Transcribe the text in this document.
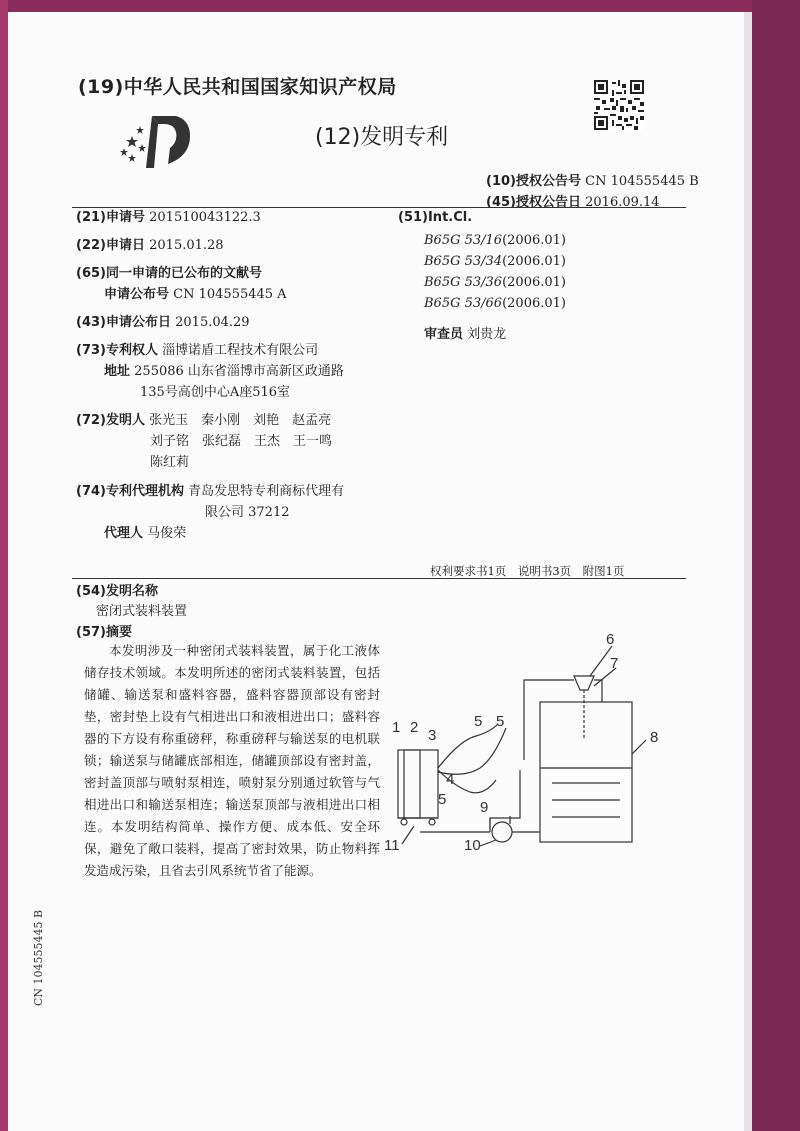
(19)中华人民共和国国家知识产权局
(12)发明专利
(10)授权公告号 CN 104555445 B
(45)授权公告日 2016.09.14
(21)申请号 201510043122.3
(22)申请日 2015.01.28
(65)同一申请的已公布的文献号
申请公布号 CN 104555445 A
(43)申请公布日 2015.04.29
(73)专利权人 淄博诺盾工程技术有限公司
地址 255086 山东省淄博市高新区政通路
135号高创中心A座516室
(72)发明人 张光玉　秦小刚　刘艳　赵孟亮
刘子铭　张纪磊　王杰　王一鸣
陈红莉
(74)专利代理机构 青岛发思特专利商标代理有
限公司 37212
代理人 马俊荣
(51)Int.Cl.
B65G 53/16(2006.01)
B65G 53/34(2006.01)
B65G 53/36(2006.01)
B65G 53/66(2006.01)
审查员 刘贵龙
权利要求书1页　说明书3页　附图1页
(54)发明名称
密闭式装料装置
(57)摘要

本发明涉及一种密闭式装料装置，属于化工液体储存技术领域。本发明所述的密闭式装料装置，包括储罐、输送泵和盛料容器，盛料容器顶部设有密封垫，密封垫上设有气相进出口和液相进出口；盛料容器的下方设有称重磅秤，称重磅秤与输送泵的电机联锁；输送泵与储罐底部相连，储罐顶部设有密封盖，密封盖顶部与喷射泵相连，喷射泵分别通过软管与气相进出口和输送泵相连；输送泵顶部与液相进出口相连。本发明结构简单、操作方便、成本低、安全环保，避免了敞口装料，提高了密封效果，防止物料挥发造成污染，且省去引风系统节省了能源。

1 2 3
4
5
5 5
6
7
8
9
10
11
CN 104555445 B
